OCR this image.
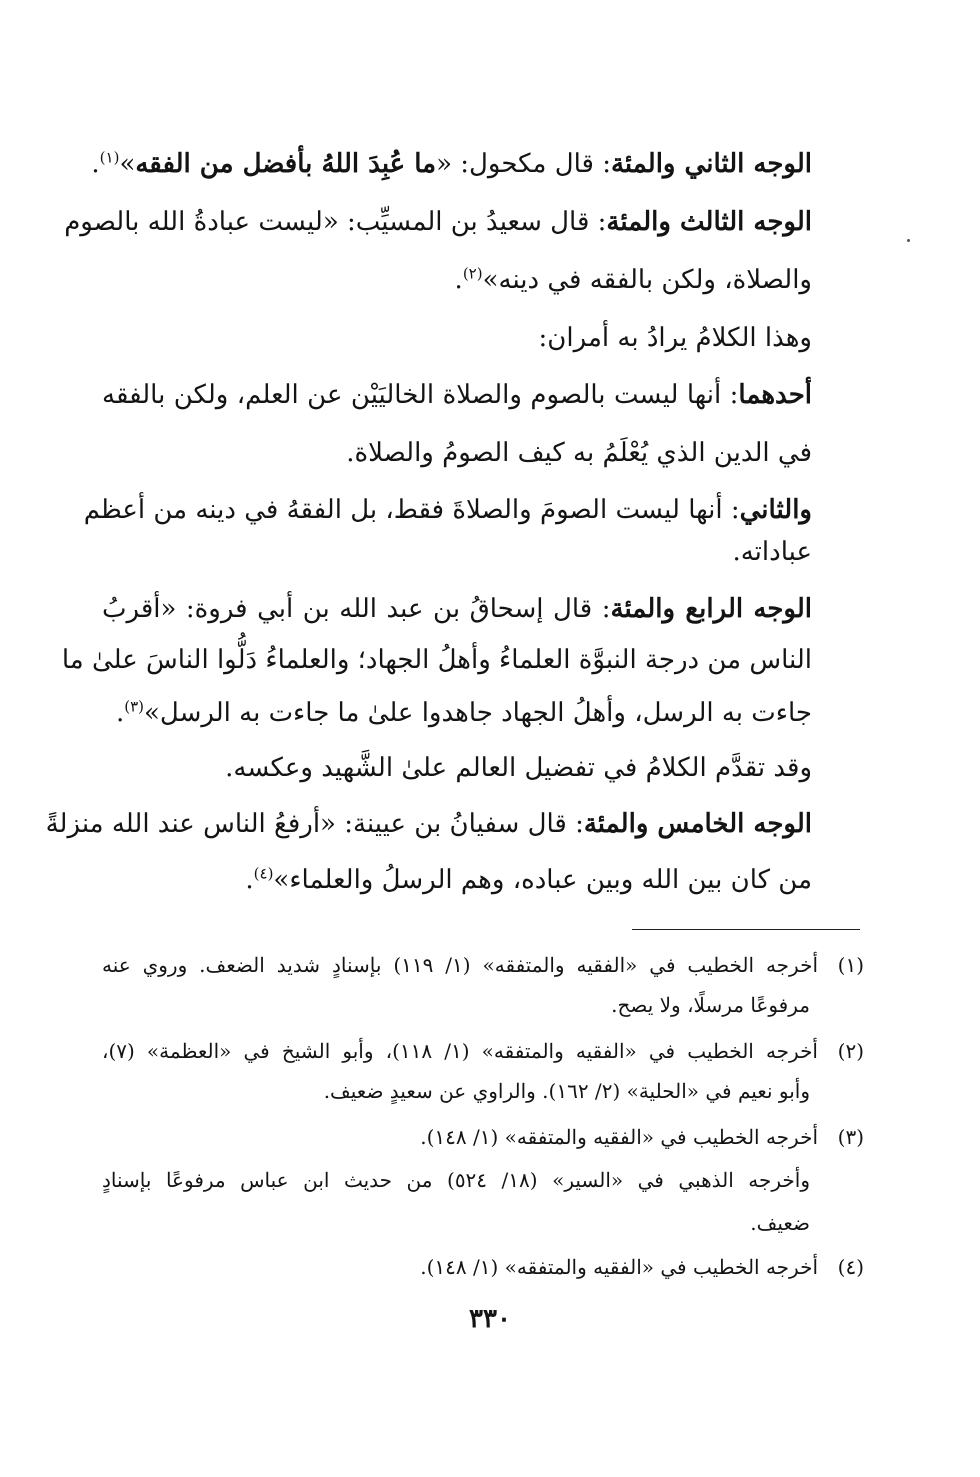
الوجه الثاني والمئة: قال مكحول: «ما عُبِدَ اللهُ بأفضل من الفقه»$^{(١)}$.
الوجه الثالث والمئة: قال سعيدُ بن المسيِّب: «ليست عبادةُ الله بالصوم
والصلاة، ولكن بالفقه في دينه»$^{(٢)}$.
وهذا الكلامُ يرادُ به أمران:
أحدهما: أنها ليست بالصوم والصلاة الخاليَيْن عن العلم، ولكن بالفقه
في الدين الذي يُعْلَمُ به كيف الصومُ والصلاة.
والثاني: أنها ليست الصومَ والصلاةَ فقط، بل الفقهُ في دينه من أعظم
عباداته.
الوجه الرابع والمئة: قال إسحاقُ بن عبد الله بن أبي فروة: «أقربُ
الناس من درجة النبوَّة العلماءُ وأهلُ الجهاد؛ والعلماءُ دَلُّوا الناسَ علىٰ ما
جاءت به الرسل، وأهلُ الجهاد جاهدوا علىٰ ما جاءت به الرسل»$^{(٣)}$.
وقد تقدَّم الكلامُ في تفضيل العالم علىٰ الشَّهيد وعكسه.
الوجه الخامس والمئة: قال سفيانُ بن عيينة: «أرفعُ الناس عند الله منزلةً
من كان بين الله وبين عباده، وهم الرسلُ والعلماء»$^{(٤)}$.
(١)أخرجه الخطيب في «الفقيه والمتفقه» (١/ ١١٩) بإسنادٍ شديد الضعف. وروي عنه
مرفوعًا مرسلًا، ولا يصح.
(٢)أخرجه الخطيب في «الفقيه والمتفقه» (١/ ١١٨)، وأبو الشيخ في «العظمة» (٧)،
وأبو نعيم في «الحلية» (٢/ ١٦٢). والراوي عن سعيدٍ ضعيف.
(٣)أخرجه الخطيب في «الفقيه والمتفقه» (١/ ١٤٨).
وأخرجه الذهبي في «السير» (١٨/ ٥٢٤) من حديث ابن عباس مرفوعًا بإسنادٍ
ضعيف.
(٤)أخرجه الخطيب في «الفقيه والمتفقه» (١/ ١٤٨).
٣٣٠
